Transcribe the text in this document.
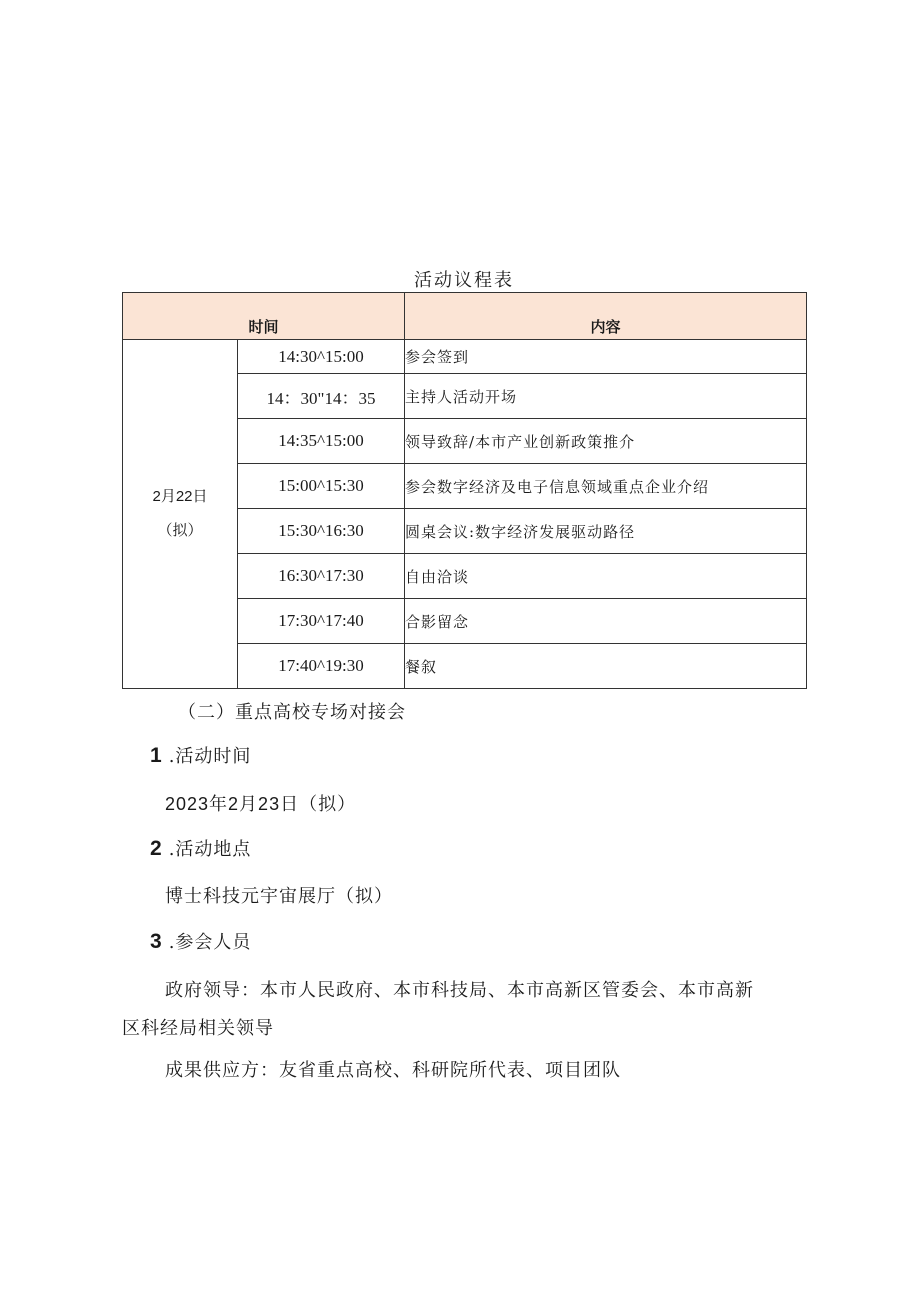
活动议程表
时间		内容

2月22日
（拟）	14:30^15:00	参会签到
	14：30"14：35	主持人活动开场
	14:35^15:00	领导致辞/本市产业创新政策推介
	15:00^15:30	参会数字经济及电子信息领域重点企业介绍
	15:30^16:30	圆桌会议:数字经济发展驱动路径
	16:30^17:30	自由洽谈
	17:30^17:40	合影留念
	17:40^19:30	餐叙
（二）重点高校专场对接会
1 .活动时间
2023年2月23日（拟）
2 .活动地点
博士科技元宇宙展厅（拟）
3 .参会人员
政府领导：本市人民政府、本市科技局、本市高新区管委会、本市高新
区科经局相关领导
成果供应方：友省重点高校、科研院所代表、项目团队
